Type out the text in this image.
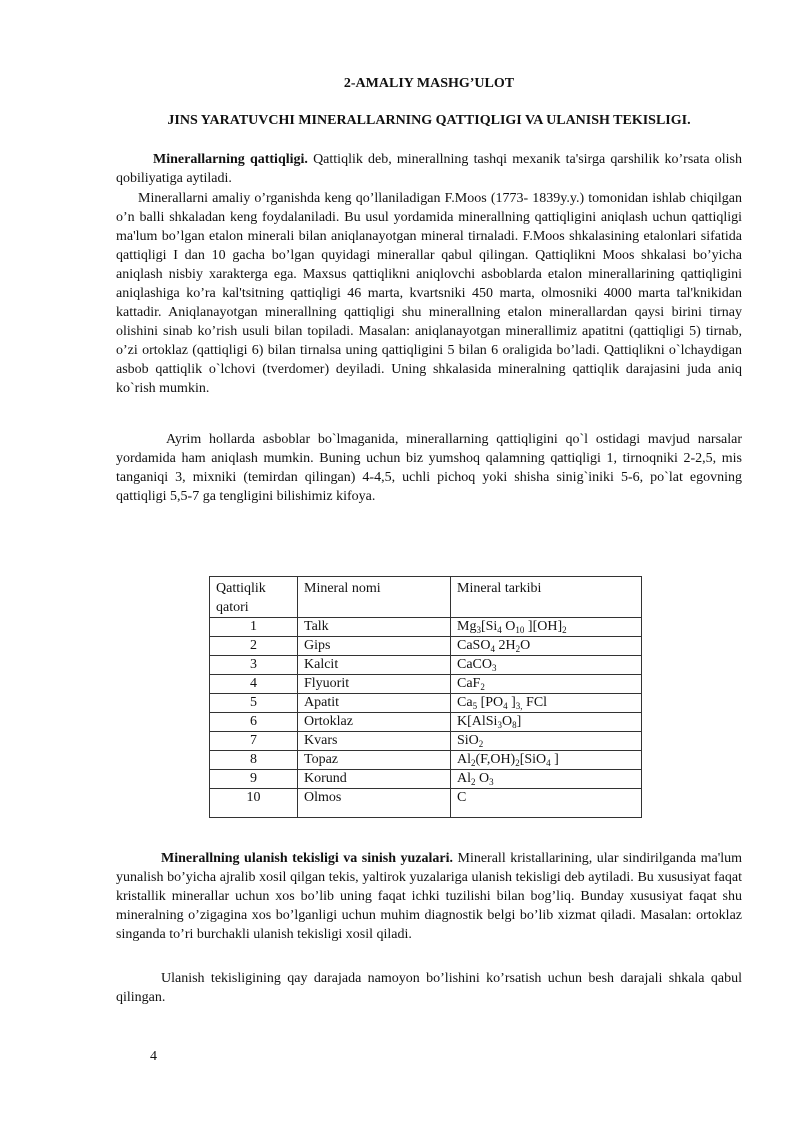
2-AMALIY MASHG’ULOT
JINS YARATUVCHI MINERALLARNING QATTIQLIGI VA ULANISH TEKISLIGI.
Minerallarning qattiqligi. Qattiqlik deb, minerallning tashqi mexanik ta'sirga qarshilik ko’rsata olish qobiliyatiga aytiladi.
Minerallarni amaliy o’rganishda keng qo’llaniladigan F.Moos (1773- 1839y.y.) tomonidan ishlab chiqilgan o’n balli shkaladan keng foydalaniladi. Bu usul yordamida minerallning qattiqligini aniqlash uchun qattiqligi ma'lum bo’lgan etalon minerali bilan aniqlanayotgan mineral tirnaladi. F.Moos shkalasining etalonlari sifatida qattiqligi I dan 10 gacha bo’lgan quyidagi minerallar qabul qilingan. Qattiqlikni Moos shkalasi bo’yicha aniqlash nisbiy xarakterga ega. Maxsus qattiqlikni aniqlovchi asboblarda etalon minerallarining qattiqligini aniqlashiga ko’ra kal'tsitning qattiqligi 46 marta, kvartsniki 450 marta, olmosniki 4000 marta tal'knikidan kattadir. Aniqlanayotgan minerallning qattiqligi shu minerallning etalon minerallardan qaysi birini tirnay olishini sinab ko’rish usuli bilan topiladi. Masalan: aniqlanayotgan minerallimiz apatitni (qattiqligi 5) tirnab, o’zi ortoklaz (qattiqligi 6) bilan tirnalsa uning qattiqligini 5 bilan 6 oraligida bo’ladi. Qattiqlikni o`lchaydigan asbob qattiqlik o`lchovi (tverdomer) deyiladi. Uning shkalasida mineralning qattiqlik darajasini juda aniq ko`rish mumkin.
Ayrim hollarda asboblar bo`lmaganida, minerallarning qattiqligini qo`l ostidagi mavjud narsalar yordamida ham aniqlash mumkin. Buning uchun biz yumshoq qalamning qattiqligi 1, tirnoqniki 2-2,5, mis tanganiqi 3, mixniki (temirdan qilingan) 4-4,5, uchli pichoq yoki shisha sinig`iniki 5-6, po`lat egovning qattiqligi 5,5-7 ga tengligini bilishimiz kifoya.
Minerallning ulanish tekisligi va sinish yuzalari. Minerall kristallarining, ular sindirilganda ma'lum yunalish bo’yicha ajralib xosil qilgan tekis, yaltirok yuzalariga ulanish tekisligi deb aytiladi. Bu xususiyat faqat kristallik minerallar uchun xos bo’lib uning faqat ichki tuzilishi bilan bog’liq. Bunday xususiyat faqat shu mineralning o’zigagina xos bo’lganligi uchun muhim diagnostik belgi bo’lib xizmat qiladi. Masalan: ortoklaz singanda to’ri burchakli ulanish tekisligi xosil qiladi.
Ulanish tekisligining qay darajada namoyon bo’lishini ko’rsatish uchun besh darajali shkala qabul qilingan.
Qattiqlik qatori	Mineral nomi	Mineral tarkibi
1	Talk	$Mg_3[Si_4$ $O_{10}$ ]$[OH]_2$
2	Gips	CaSO$_4$ $2H_2O$
3	Kalcit	CaCO$_3$
4	Flyuorit	CaF$_2$
5	Apatit	$Ca_5$ [$PO_4$ ]$_{3,}$ FCl
6	Ortoklaz	$K[AlSi_3O_8]$
7	Kvars	SiO$_2$
8	Topaz	$Al_2(F,OH)_2[SiO_4$ ]
9	Korund	$Al_2$ $O_3$
10	Olmos	C
4
